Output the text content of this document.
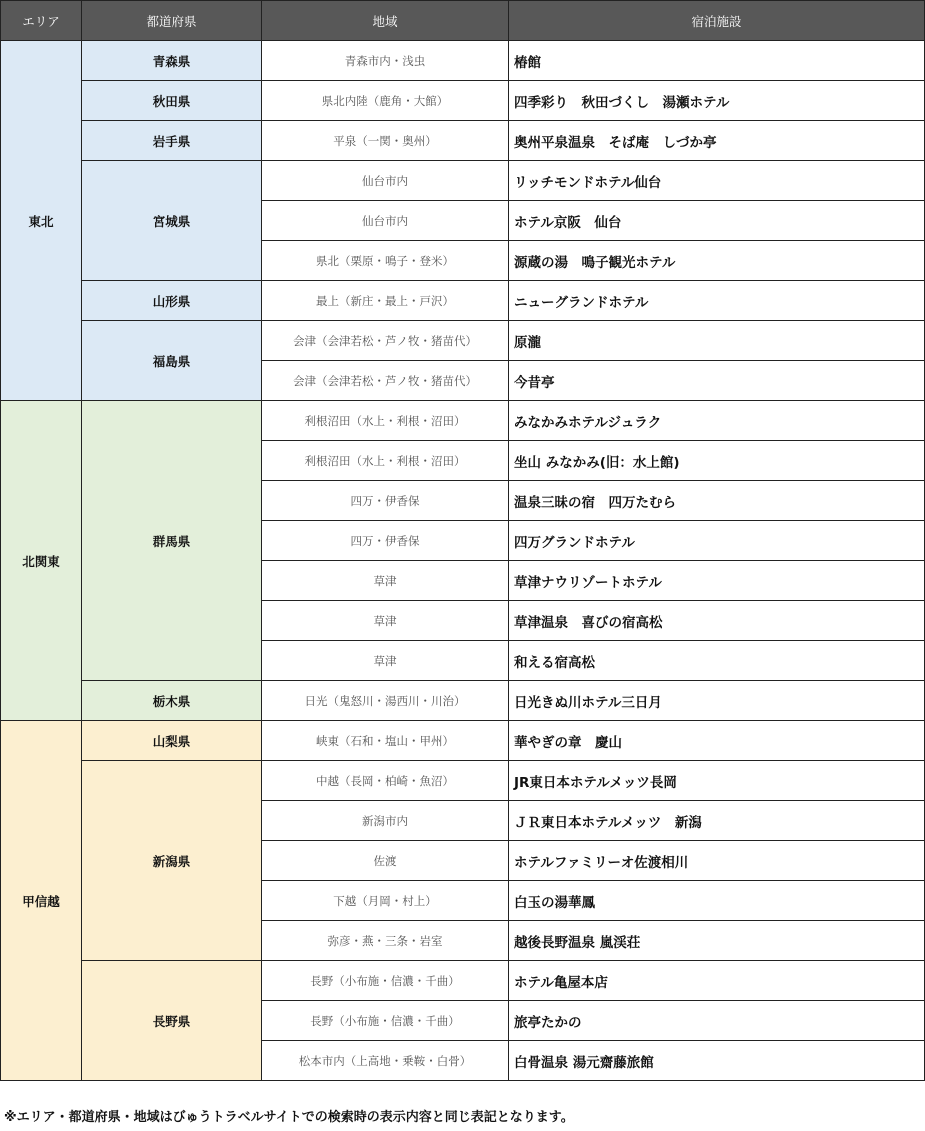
エリア	都道府県	地域	宿泊施設
東北	青森県	青森市内・浅虫	椿館
	秋田県	県北内陸（鹿角・大館）	四季彩り　秋田づくし　湯瀬ホテル
	岩手県	平泉（一関・奥州）	奥州平泉温泉　そば庵　しづか亭
	宮城県	仙台市内	リッチモンドホテル仙台
		仙台市内	ホテル京阪　仙台
		県北（栗原・鳴子・登米）	源蔵の湯　鳴子観光ホテル
	山形県	最上（新庄・最上・戸沢）	ニューグランドホテル
	福島県	会津（会津若松・芦ノ牧・猪苗代）	原瀧
		会津（会津若松・芦ノ牧・猪苗代）	今昔亭
北関東	群馬県	利根沼田（水上・利根・沼田）	みなかみホテルジュラク
		利根沼田（水上・利根・沼田）	坐山 みなかみ(旧：水上館)
		四万・伊香保	温泉三昧の宿　四万たむら
		四万・伊香保	四万グランドホテル
		草津	草津ナウリゾートホテル
		草津	草津温泉　喜びの宿高松
		草津	和える宿高松
	栃木県	日光（鬼怒川・湯西川・川治）	日光きぬ川ホテル三日月
甲信越	山梨県	峡東（石和・塩山・甲州）	華やぎの章　慶山
	新潟県	中越（長岡・柏崎・魚沼）	JR東日本ホテルメッツ長岡
		新潟市内	ＪＲ東日本ホテルメッツ　新潟
		佐渡	ホテルファミリーオ佐渡相川
		下越（月岡・村上）	白玉の湯華鳳
		弥彦・燕・三条・岩室	越後長野温泉 嵐渓荘
	長野県	長野（小布施・信濃・千曲）	ホテル亀屋本店
		長野（小布施・信濃・千曲）	旅亭たかの
		松本市内（上高地・乗鞍・白骨）	白骨温泉 湯元齋藤旅館
※エリア・都道府県・地域はびゅうトラベルサイトでの検索時の表示内容と同じ表記となります。
